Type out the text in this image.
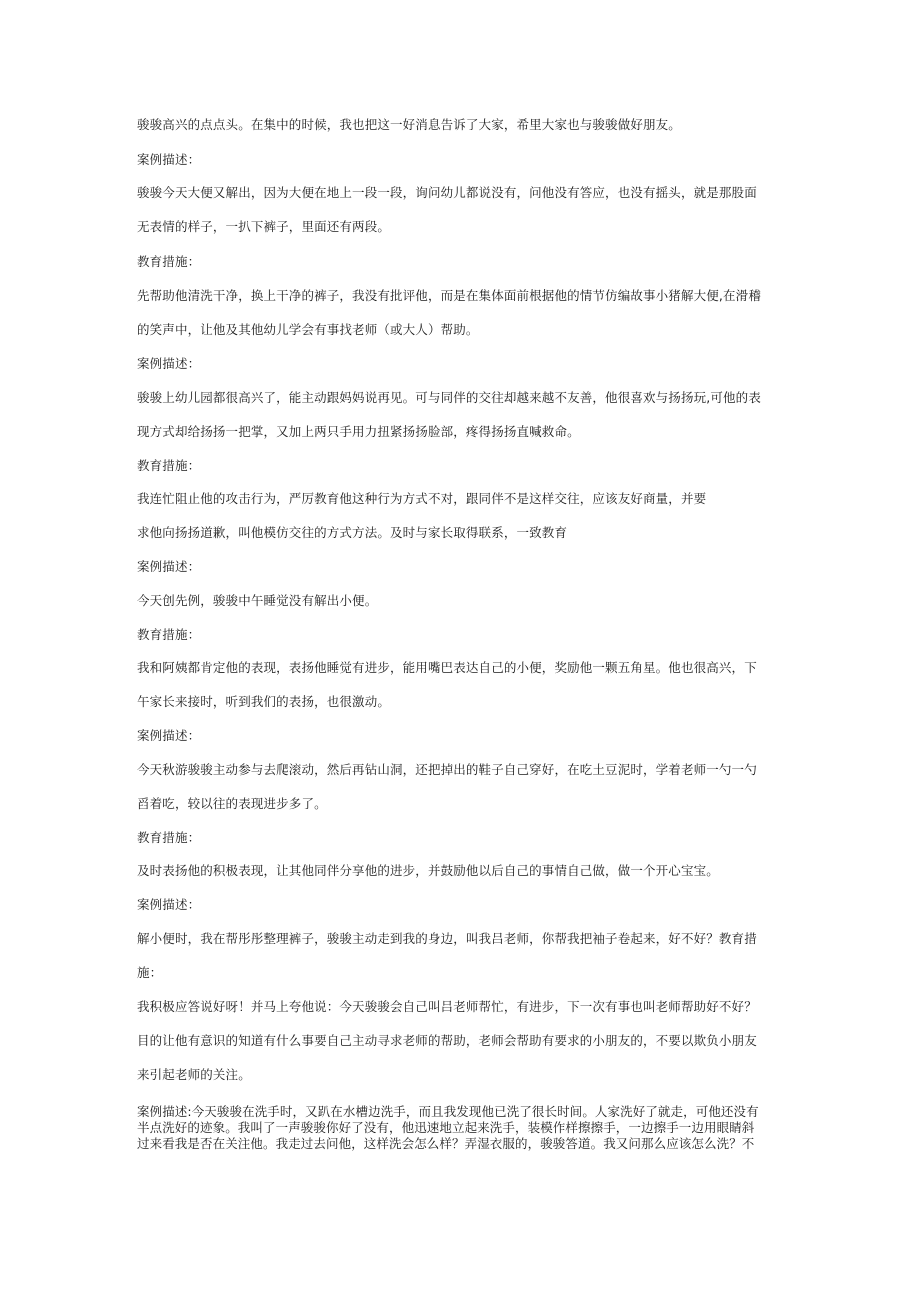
骏骏高兴的点点头。在集中的时候，我也把这一好消息告诉了大家，希里大家也与骏骏做好朋友。
案例描述：
骏骏今天大便又解出，因为大便在地上一段一段，询问幼儿都说没有，问他没有答应，也没有摇头，就是那股面
无表情的样子，一扒下裤子，里面还有两段。
教育措施：
先帮助他清洗干净，换上干净的裤子，我没有批评他，而是在集体面前根据他的情节仿编故事小猪解大便,在滑稽
的笑声中，让他及其他幼儿学会有事找老师（或大人）帮助。
案例描述：
骏骏上幼儿园都很高兴了，能主动跟妈妈说再见。可与同伴的交往却越来越不友善，他很喜欢与扬扬玩,可他的表
现方式却给扬扬一把掌，又加上两只手用力扭紧扬扬脸部，疼得扬扬直喊救命。
教育措施：
我连忙阻止他的攻击行为，严厉教育他这种行为方式不对，跟同伴不是这样交往，应该友好商量，并要
求他向扬扬道歉，叫他模仿交往的方式方法。及时与家长取得联系，一致教育
案例描述：
今天创先例，骏骏中午睡觉没有解出小便。
教育措施：
我和阿姨都肯定他的表现，表扬他睡觉有进步，能用嘴巴表达自己的小便，奖励他一颗五角星。他也很高兴，下
午家长来接时，听到我们的表扬，也很激动。
案例描述：
今天秋游骏骏主动参与去爬滚动，然后再钻山洞，还把掉出的鞋子自己穿好，在吃土豆泥时，学着老师一勺一勺
舀着吃，较以往的表现进步多了。
教育措施：
及时表扬他的积极表现，让其他同伴分享他的进步，并鼓励他以后自己的事情自己做，做一个开心宝宝。
案例描述：
解小便时，我在帮彤彤整理裤子，骏骏主动走到我的身边，叫我吕老师，你帮我把袖子卷起来，好不好？教育措
施：
我积极应答说好呀！并马上夸他说：今天骏骏会自己叫吕老师帮忙，有进步，下一次有事也叫老师帮助好不好？
目的让他有意识的知道有什么事要自己主动寻求老师的帮助，老师会帮助有要求的小朋友的，不要以欺负小朋友
来引起老师的关注。
案例描述:今天骏骏在洗手时，又趴在水槽边洗手，而且我发现他已洗了很长时间。人家洗好了就走，可他还没有
半点洗好的迹象。我叫了一声骏骏你好了没有，他迅速地立起来洗手，装模作样擦擦手，一边擦手一边用眼睛斜
过来看我是否在关注他。我走过去问他，这样洗会怎么样？弄湿衣服的，骏骏答道。我又问那么应该怎么洗？不
